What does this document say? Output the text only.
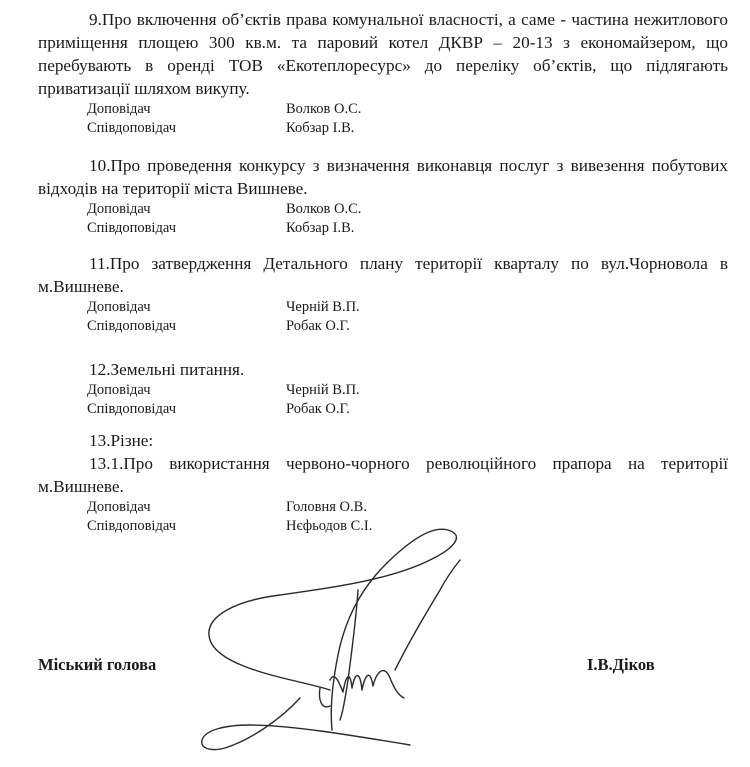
9.Про включення об’єктів права комунальної власності, а саме - частина нежитлового приміщення площею 300 кв.м. та паровий котел ДКВР – 20-13 з економайзером, що перебувають в оренді ТОВ «Екотеплоресурс» до переліку об’єктів, що підлягають приватизації шляхом викупу.

Доповідач	Волков О.С.
Співдоповідач	Кобзар І.В.

10.Про проведення конкурсу з визначення виконавця послуг з вивезення побутових відходів на території міста Вишневе.

Доповідач	Волков О.С.
Співдоповідач	Кобзар І.В.

11.Про затвердження Детального плану території кварталу по вул.Чорновола в м.Вишневе.

Доповідач	Черній В.П.
Співдоповідач	Робак О.Г.

12.Земельні питання.

Доповідач	Черній В.П.
Співдоповідач	Робак О.Г.

13.Різне:

13.1.Про використання червоно-чорного революційного прапора на території м.Вишневе.

Доповідач	Головня О.В.
Співдоповідач	Нєфьодов С.І.
Міський голова	І.В.Діков
